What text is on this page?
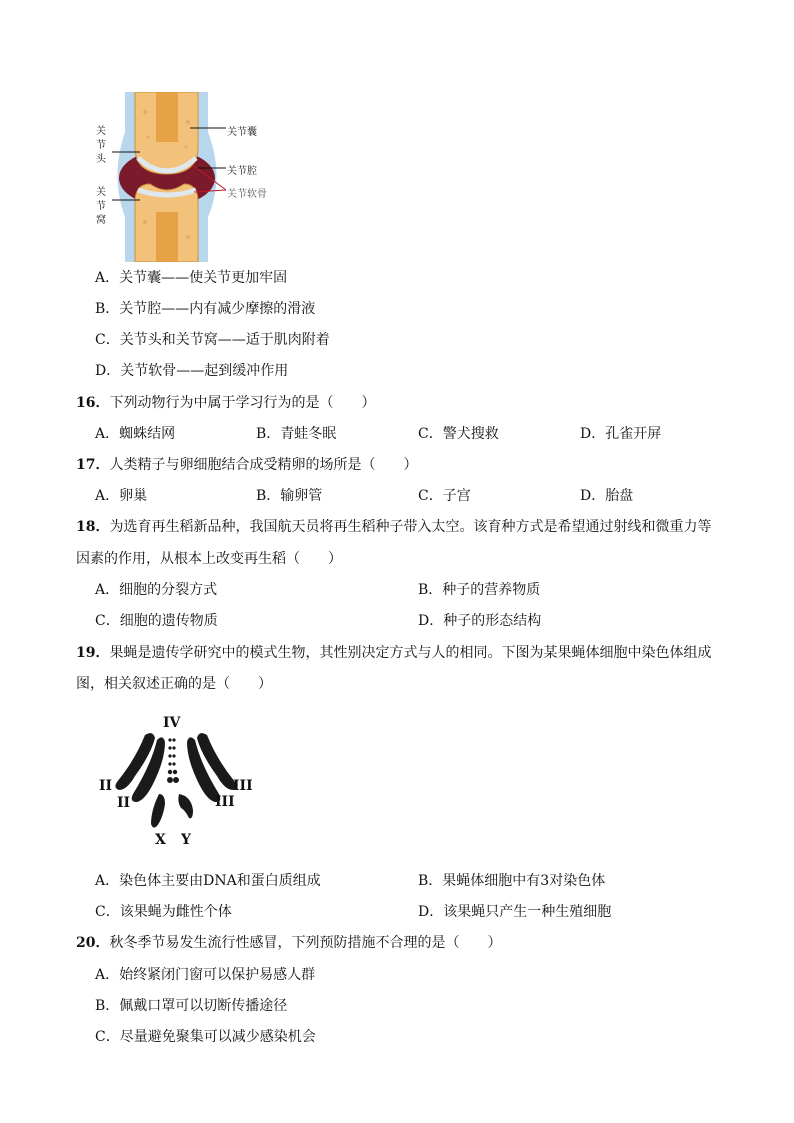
关节囊
关节腔
关节软骨
关
节
头
关
节
窝
A．关节囊——使关节更加牢固
B．关节腔——内有减少摩擦的滑液
C．关节头和关节窝——适于肌肉附着
D．关节软骨——起到缓冲作用
16．下列动物行为中属于学习行为的是（　　）
A．蜘蛛结网	B．青蛙冬眠	C．警犬搜救	D．孔雀开屏
17．人类精子与卵细胞结合成受精卵的场所是（　　）
A．卵巢	B．输卵管	C．子宫	D．胎盘
18．为选育再生稻新品种，我国航天员将再生稻种子带入太空。该育种方式是希望通过射线和微重力等
因素的作用，从根本上改变再生稻（　　）
A．细胞的分裂方式	B．种子的营养物质
C．细胞的遗传物质	D．种子的形态结构
19．果蝇是遗传学研究中的模式生物，其性别决定方式与人的相同。下图为某果蝇体细胞中染色体组成
图，相关叙述正确的是（　　）
IV
II
II
III
III
X Y
A．染色体主要由DNA和蛋白质组成	B．果蝇体细胞中有3对染色体
C．该果蝇为雌性个体	D．该果蝇只产生一种生殖细胞
20．秋冬季节易发生流行性感冒，下列预防措施不合理的是（　　）
A．始终紧闭门窗可以保护易感人群
B．佩戴口罩可以切断传播途径
C．尽量避免聚集可以减少感染机会
